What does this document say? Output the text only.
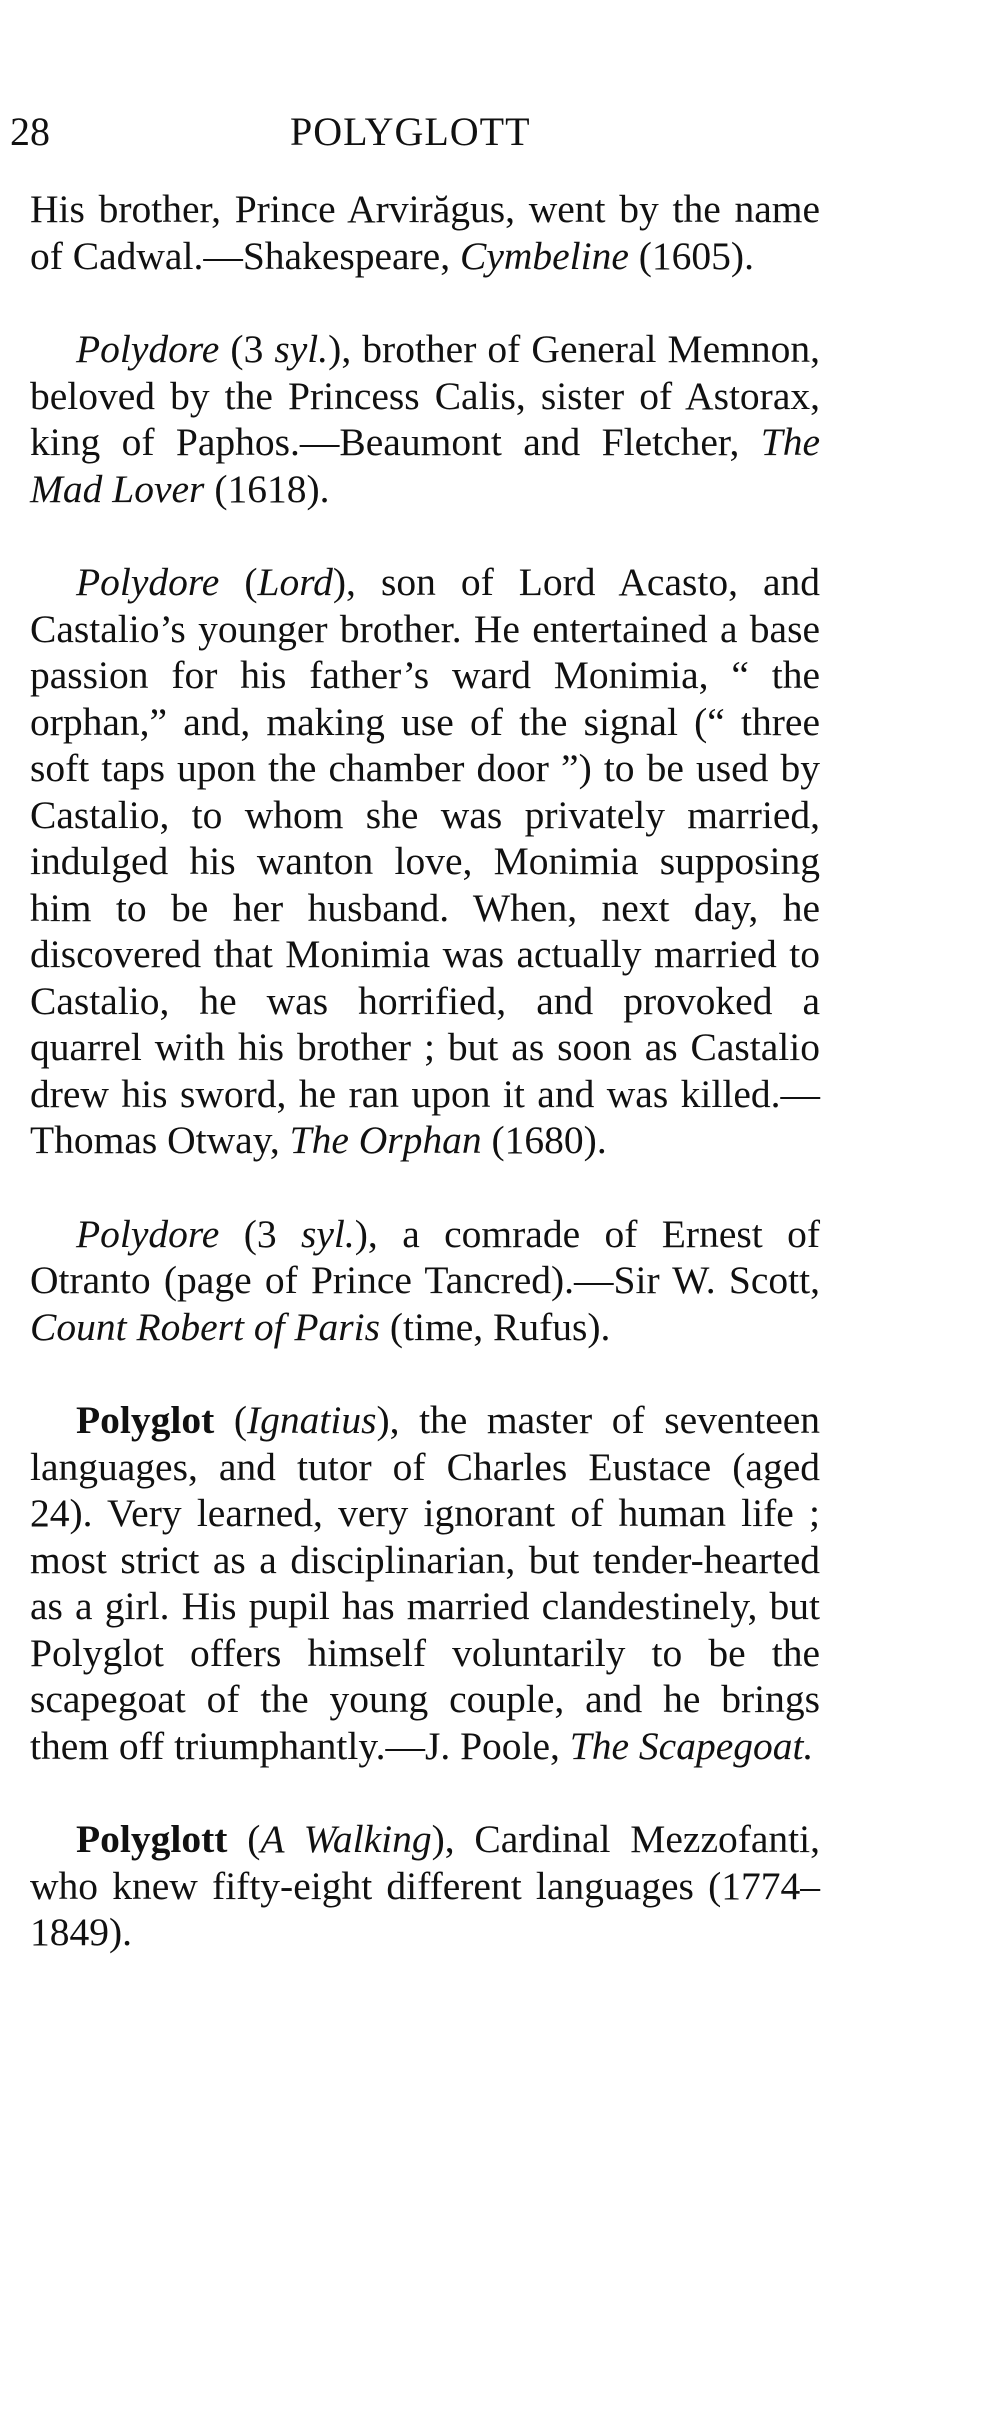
28	POLYGLOTT

His brother, Prince Arvirăgus, went by the name of Cadwal.—Shakespeare, Cymbeline (1605).

Polydore (3 syl.), brother of General Memnon, beloved by the Princess Calis, sister of Astorax, king of Paphos.—Beaumont and Fletcher, The Mad Lover (1618).

Polydore (Lord), son of Lord Acasto, and Castalio’s younger brother. He entertained a base passion for his father’s ward Monimia, “ the orphan,” and, making use of the signal (“ three soft taps upon the chamber door ”) to be used by Castalio, to whom she was privately married, indulged his wanton love, Monimia supposing him to be her husband. When, next day, he discovered that Monimia was actually married to Castalio, he was horrified, and provoked a quarrel with his brother ; but as soon as Castalio drew his sword, he ran upon it and was killed.—Thomas Otway, The Orphan (1680).

Polydore (3 syl.), a comrade of Ernest of Otranto (page of Prince Tancred).—Sir W. Scott, Count Robert of Paris (time, Rufus).

Polyglot (Ignatius), the master of seventeen languages, and tutor of Charles Eustace (aged 24). Very learned, very ignorant of human life ; most strict as a disciplinarian, but tender-hearted as a girl. His pupil has married clandestinely, but Polyglot offers himself voluntarily to be the scapegoat of the young couple, and he brings them off triumphantly.—J. Poole, The Scapegoat.

Polyglott (A Walking), Cardinal Mezzofanti, who knew fifty-eight different languages (1774–1849).
